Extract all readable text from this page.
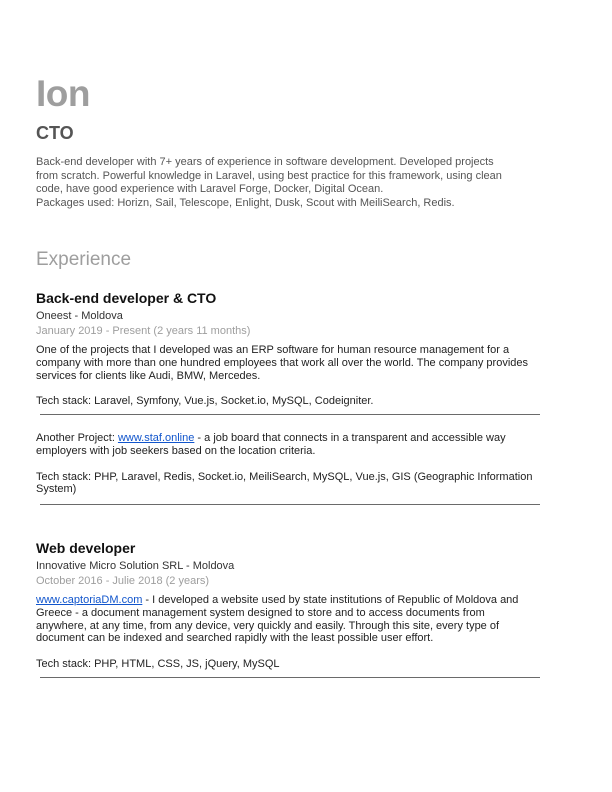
Ion
CTO
Back-end developer with 7+ years of experience in software development. Developed projects
from scratch. Powerful knowledge in Laravel, using best practice for this framework, using clean
code, have good experience with Laravel Forge, Docker, Digital Ocean.
Packages used: Horizn, Sail, Telescope, Enlight, Dusk, Scout with MeiliSearch, Redis.
Experience
Back-end developer & CTO
Oneest - Moldova
January 2019 - Present (2 years 11 months)
One of the projects that I developed was an ERP software for human resource management for a
company with more than one hundred employees that work all over the world. The company provides
services for clients like Audi, BMW, Mercedes.
Tech stack: Laravel, Symfony, Vue.js, Socket.io, MySQL, Codeigniter.
Another Project: www.staf.online - a job board that connects in a transparent and accessible way
employers with job seekers based on the location criteria.
Tech stack: PHP, Laravel, Redis, Socket.io, MeiliSearch, MySQL, Vue.js, GIS (Geographic Information
System)
Web developer
Innovative Micro Solution SRL - Moldova
October 2016 - Julie 2018 (2 years)
www.captoriaDM.com - I developed a website used by state institutions of Republic of Moldova and
Greece - a document management system designed to store and to access documents from
anywhere, at any time, from any device, very quickly and easily. Through this site, every type of
document can be indexed and searched rapidly with the least possible user effort.
Tech stack: PHP, HTML, CSS, JS, jQuery, MySQL
